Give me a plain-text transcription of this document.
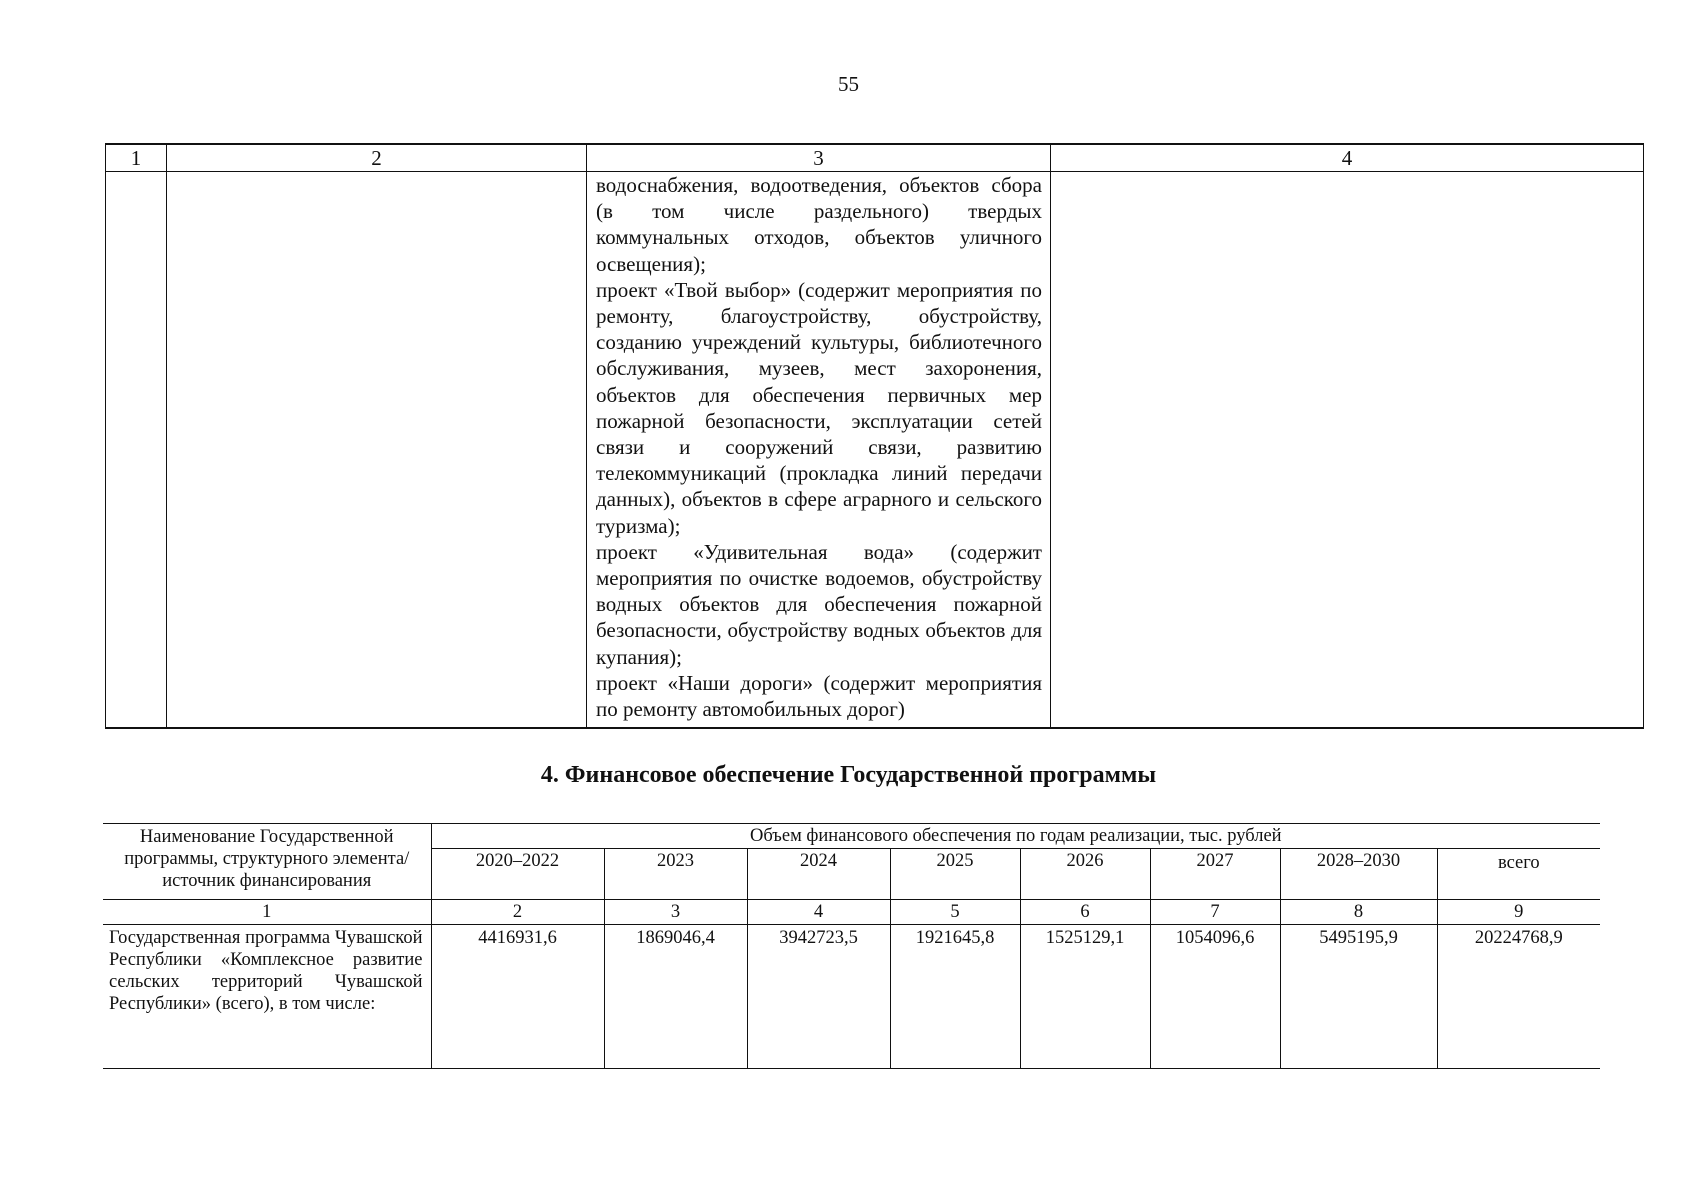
55
1	2	3	4

		водоснабжения, водоотведения, объектов сбора (в том числе раздельного) твердых коммунальных отходов, объектов уличного освещения);

проект «Твой выбор» (содержит мероприятия по ремонту, благоустройству, обустройству, созданию учреждений культуры, библиотечного обслуживания, музеев, мест захоронения, объектов для обеспечения первичных мер пожарной безопасности, эксплуатации сетей связи и сооружений связи, развитию телекоммуникаций (прокладка линий передачи данных), объектов в сфере аграрного и сельского туризма);

проект «Удивительная вода» (содержит мероприятия по очистке водоемов, обустройству водных объектов для обеспечения пожарной безопасности, обустройству водных объектов для купания);

проект «Наши дороги» (содержит мероприятия по ремонту автомобильных дорог)	

4. Финансовое обеспечение Государственной программы
Наименование Государственной программы, структурного элемента/ источник финансирования	Объем финансового обеспечения по годам реализации, тыс. рублей							
	2020–2022	2023	2024	2025	2026	2027	2028–2030	всего
1	2	3	4	5	6	7	8	9
Государственная программа Чувашской Республики «Комплексное развитие сельских территорий Чувашской Республики» (всего), в том числе:	4416931,6	1869046,4	3942723,5	1921645,8	1525129,1	1054096,6	5495195,9	20224768,9
